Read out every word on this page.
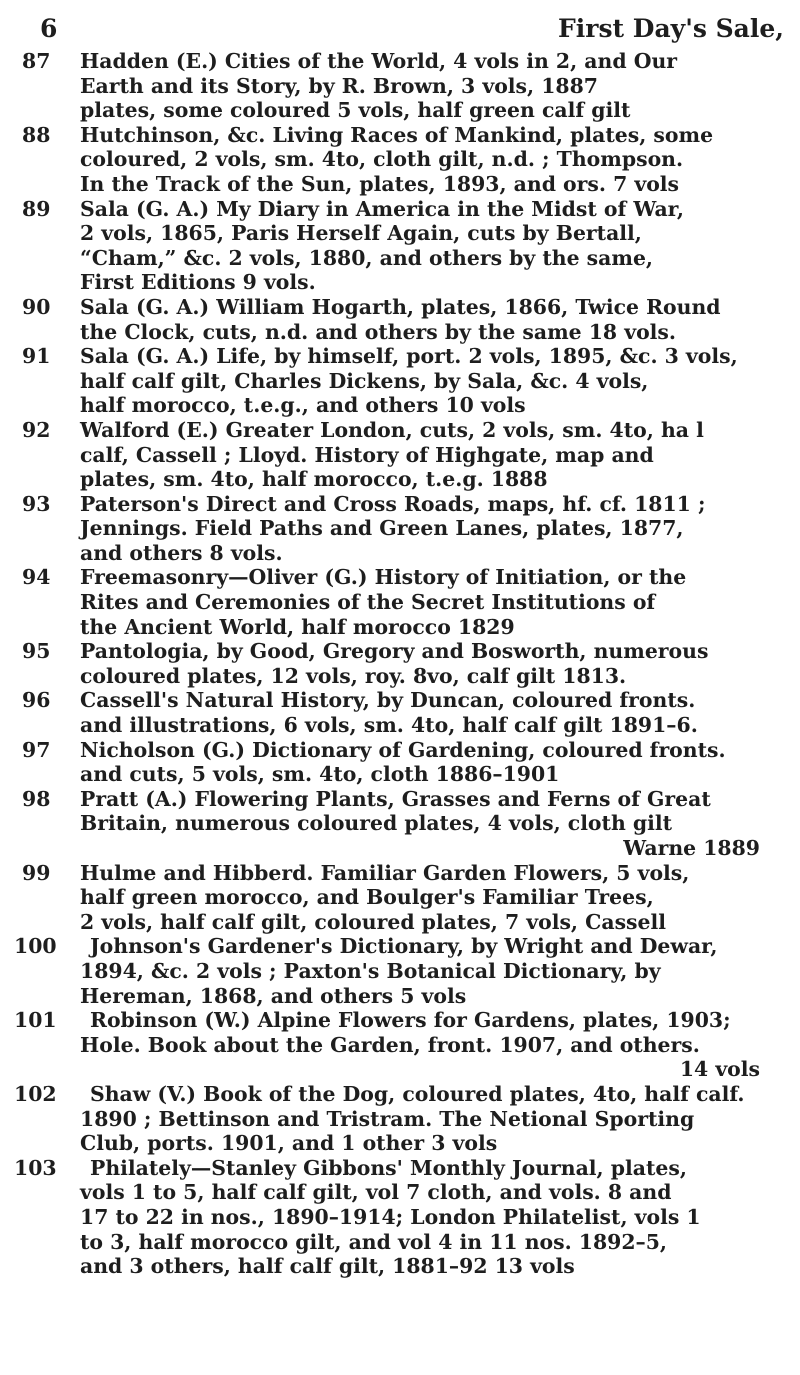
6	First Day's Sale,
87	Hadden (E.) Cities of the World, 4 vols in 2, and Our
Earth and its Story, by R. Brown, 3 vols, 1887
plates, some coloured 5 vols, half green calf gilt
88	Hutchinson, &c. Living Races of Mankind, plates, some
coloured, 2 vols, sm. 4to, cloth gilt, n.d. ; Thompson.
In the Track of the Sun, plates, 1893, and ors. 7 vols
89	Sala (G. A.) My Diary in America in the Midst of War,
2 vols, 1865, Paris Herself Again, cuts by Bertall,
“Cham,” &c. 2 vols, 1880, and others by the same,
First Editions 9 vols.
90	Sala (G. A.) William Hogarth, plates, 1866, Twice Round
the Clock, cuts, n.d. and others by the same 18 vols.
91	Sala (G. A.) Life, by himself, port. 2 vols, 1895, &c. 3 vols,
half calf gilt, Charles Dickens, by Sala, &c. 4 vols,
half morocco, t.e.g., and others 10 vols
92	Walford (E.) Greater London, cuts, 2 vols, sm. 4to, ha l
calf, Cassell ; Lloyd. History of Highgate, map and
plates, sm. 4to, half morocco, t.e.g. 1888
93	Paterson's Direct and Cross Roads, maps, hf. cf. 1811 ;
Jennings. Field Paths and Green Lanes, plates, 1877,
and others 8 vols.
94	Freemasonry—Oliver (G.) History of Initiation, or the
Rites and Ceremonies of the Secret Institutions of
the Ancient World, half morocco 1829
95	Pantologia, by Good, Gregory and Bosworth, numerous
coloured plates, 12 vols, roy. 8vo, calf gilt 1813.
96	Cassell's Natural History, by Duncan, coloured fronts.
and illustrations, 6 vols, sm. 4to, half calf gilt 1891–6.
97	Nicholson (G.) Dictionary of Gardening, coloured fronts.
and cuts, 5 vols, sm. 4to, cloth 1886–1901
98	Pratt (A.) Flowering Plants, Grasses and Ferns of Great
Britain, numerous coloured plates, 4 vols, cloth gilt
Warne 1889
99	Hulme and Hibberd. Familiar Garden Flowers, 5 vols,
half green morocco, and Boulger's Familiar Trees,
2 vols, half calf gilt, coloured plates, 7 vols, Cassell
100	Johnson's Gardener's Dictionary, by Wright and Dewar,
1894, &c. 2 vols ; Paxton's Botanical Dictionary, by
Hereman, 1868, and others 5 vols
101	Robinson (W.) Alpine Flowers for Gardens, plates, 1903;
Hole. Book about the Garden, front. 1907, and others.
14 vols
102	Shaw (V.) Book of the Dog, coloured plates, 4to, half calf.
1890 ; Bettinson and Tristram. The Netional Sporting
Club, ports. 1901, and 1 other 3 vols
103	Philately—Stanley Gibbons' Monthly Journal, plates,
vols 1 to 5, half calf gilt, vol 7 cloth, and vols. 8 and
17 to 22 in nos., 1890–1914; London Philatelist, vols 1
to 3, half morocco gilt, and vol 4 in 11 nos. 1892–5,
and 3 others, half calf gilt, 1881–92 13 vols
